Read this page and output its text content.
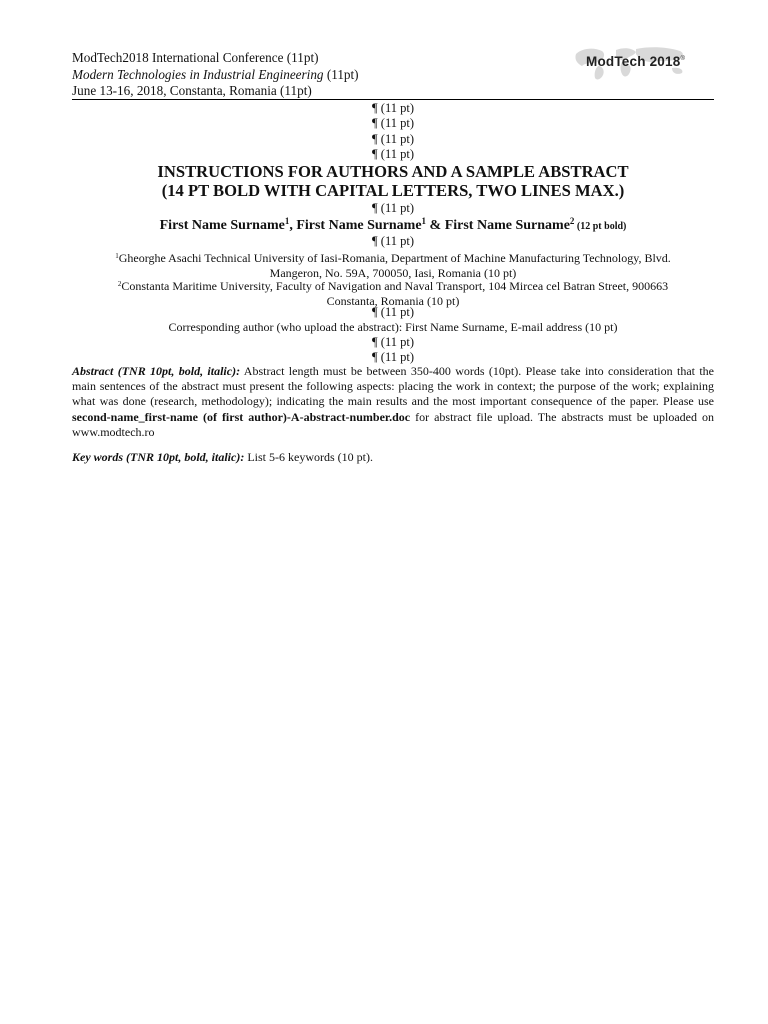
ModTech2018 International Conference (11pt)
Modern Technologies in Industrial Engineering (11pt)
June 13-16, 2018, Constanta, Romania (11pt)
ModTech 2018®
¶ (11 pt)
¶ (11 pt)
¶ (11 pt)
¶ (11 pt)
INSTRUCTIONS FOR AUTHORS AND A SAMPLE ABSTRACT
(14 PT BOLD WITH CAPITAL LETTERS, TWO LINES MAX.)
¶ (11 pt)
First Name Surname$^1$, First Name Surname$^1$ & First Name Surname$^2$ (12 pt bold)
¶ (11 pt)
$^1$Gheorghe Asachi Technical University of Iasi-Romania, Department of Machine Manufacturing Technology, Blvd.
Mangeron, No. 59A, 700050, Iasi, Romania (10 pt)
$^2$Constanta Maritime University, Faculty of Navigation and Naval Transport, 104 Mircea cel Batran Street, 900663
Constanta, Romania (10 pt)
¶ (11 pt)
Corresponding author (who upload the abstract): First Name Surname, E-mail address (10 pt)
¶ (11 pt)
¶ (11 pt)
Abstract (TNR 10pt, bold, italic): Abstract length must be between 350-400 words (10pt). Please take into consideration that the main sentences of the abstract must present the following aspects: placing the work in context; the purpose of the work; explaining what was done (research, methodology); indicating the main results and the most important consequence of the paper. Please use second-name_first-name (of first author)-A-abstract-number.doc for abstract file upload. The abstracts must be uploaded on www.modtech.ro
Key words (TNR 10pt, bold, italic): List 5-6 keywords (10 pt).
